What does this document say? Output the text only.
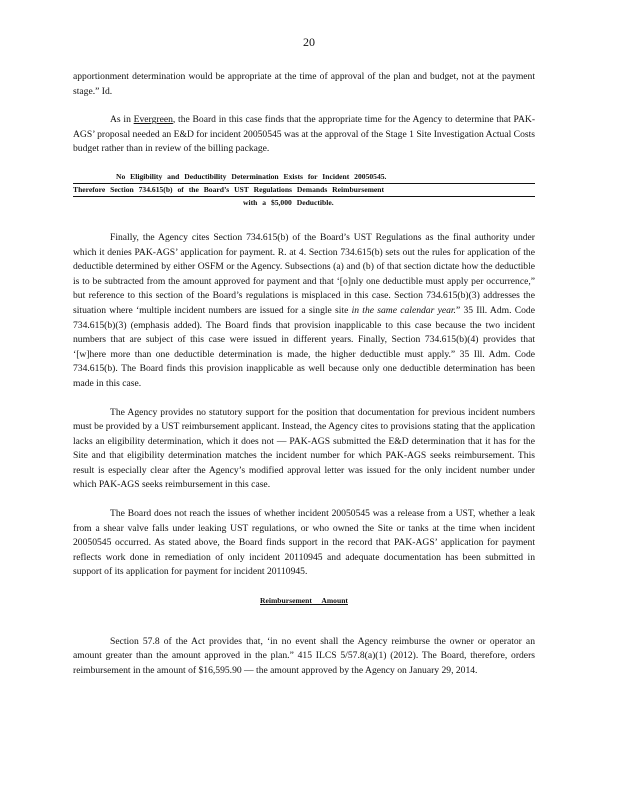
20

apportionment determination would be appropriate at the time of approval of the plan and budget, not at the payment stage.” Id.

As in Evergreen, the Board in this case finds that the appropriate time for the Agency to determine that PAK-AGS’ proposal needed an E&D for incident 20050545 was at the approval of the Stage 1 Site Investigation Actual Costs budget rather than in review of the billing package.

No Eligibility and Deductibility Determination Exists for Incident 20050545.
Therefore Section 734.615(b) of the Board’s UST Regulations Demands Reimbursement
with a $5,000 Deductible.

Finally, the Agency cites Section 734.615(b) of the Board’s UST Regulations as the final authority under which it denies PAK-AGS’ application for payment. R. at 4. Section 734.615(b) sets out the rules for application of the deductible determined by either OSFM or the Agency. Subsections (a) and (b) of that section dictate how the deductible is to be subtracted from the amount approved for payment and that ‘[o]nly one deductible must apply per occurrence,” but reference to this section of the Board’s regulations is misplaced in this case. Section 734.615(b)(3) addresses the situation where ‘multiple incident numbers are issued for a single site in the same calendar year.” 35 Ill. Adm. Code 734.615(b)(3) (emphasis added). The Board finds that provision inapplicable to this case because the two incident numbers that are subject of this case were issued in different years. Finally, Section 734.615(b)(4) provides that ‘[w]here more than one deductible determination is made, the higher deductible must apply.” 35 Ill. Adm. Code 734.615(b). The Board finds this provision inapplicable as well because only one deductible determination has been made in this case.

The Agency provides no statutory support for the position that documentation for previous incident numbers must be provided by a UST reimbursement applicant. Instead, the Agency cites to provisions stating that the application lacks an eligibility determination, which it does not — PAK-AGS submitted the E&D determination that it has for the Site and that eligibility determination matches the incident number for which PAK-AGS seeks reimbursement. This result is especially clear after the Agency’s modified approval letter was issued for the only incident number under which PAK-AGS seeks reimbursement in this case.

The Board does not reach the issues of whether incident 20050545 was a release from a UST, whether a leak from a shear valve falls under leaking UST regulations, or who owned the Site or tanks at the time when incident 20050545 occurred. As stated above, the Board finds support in the record that PAK-AGS’ application for payment reflects work done in remediation of only incident 20110945 and adequate documentation has been submitted in support of its application for payment for incident 20110945.

Reimbursement Amount

Section 57.8 of the Act provides that, ‘in no event shall the Agency reimburse the owner or operator an amount greater than the amount approved in the plan.” 415 ILCS 5/57.8(a)(1) (2012). The Board, therefore, orders reimbursement in the amount of $16,595.90 — the amount approved by the Agency on January 29, 2014.
